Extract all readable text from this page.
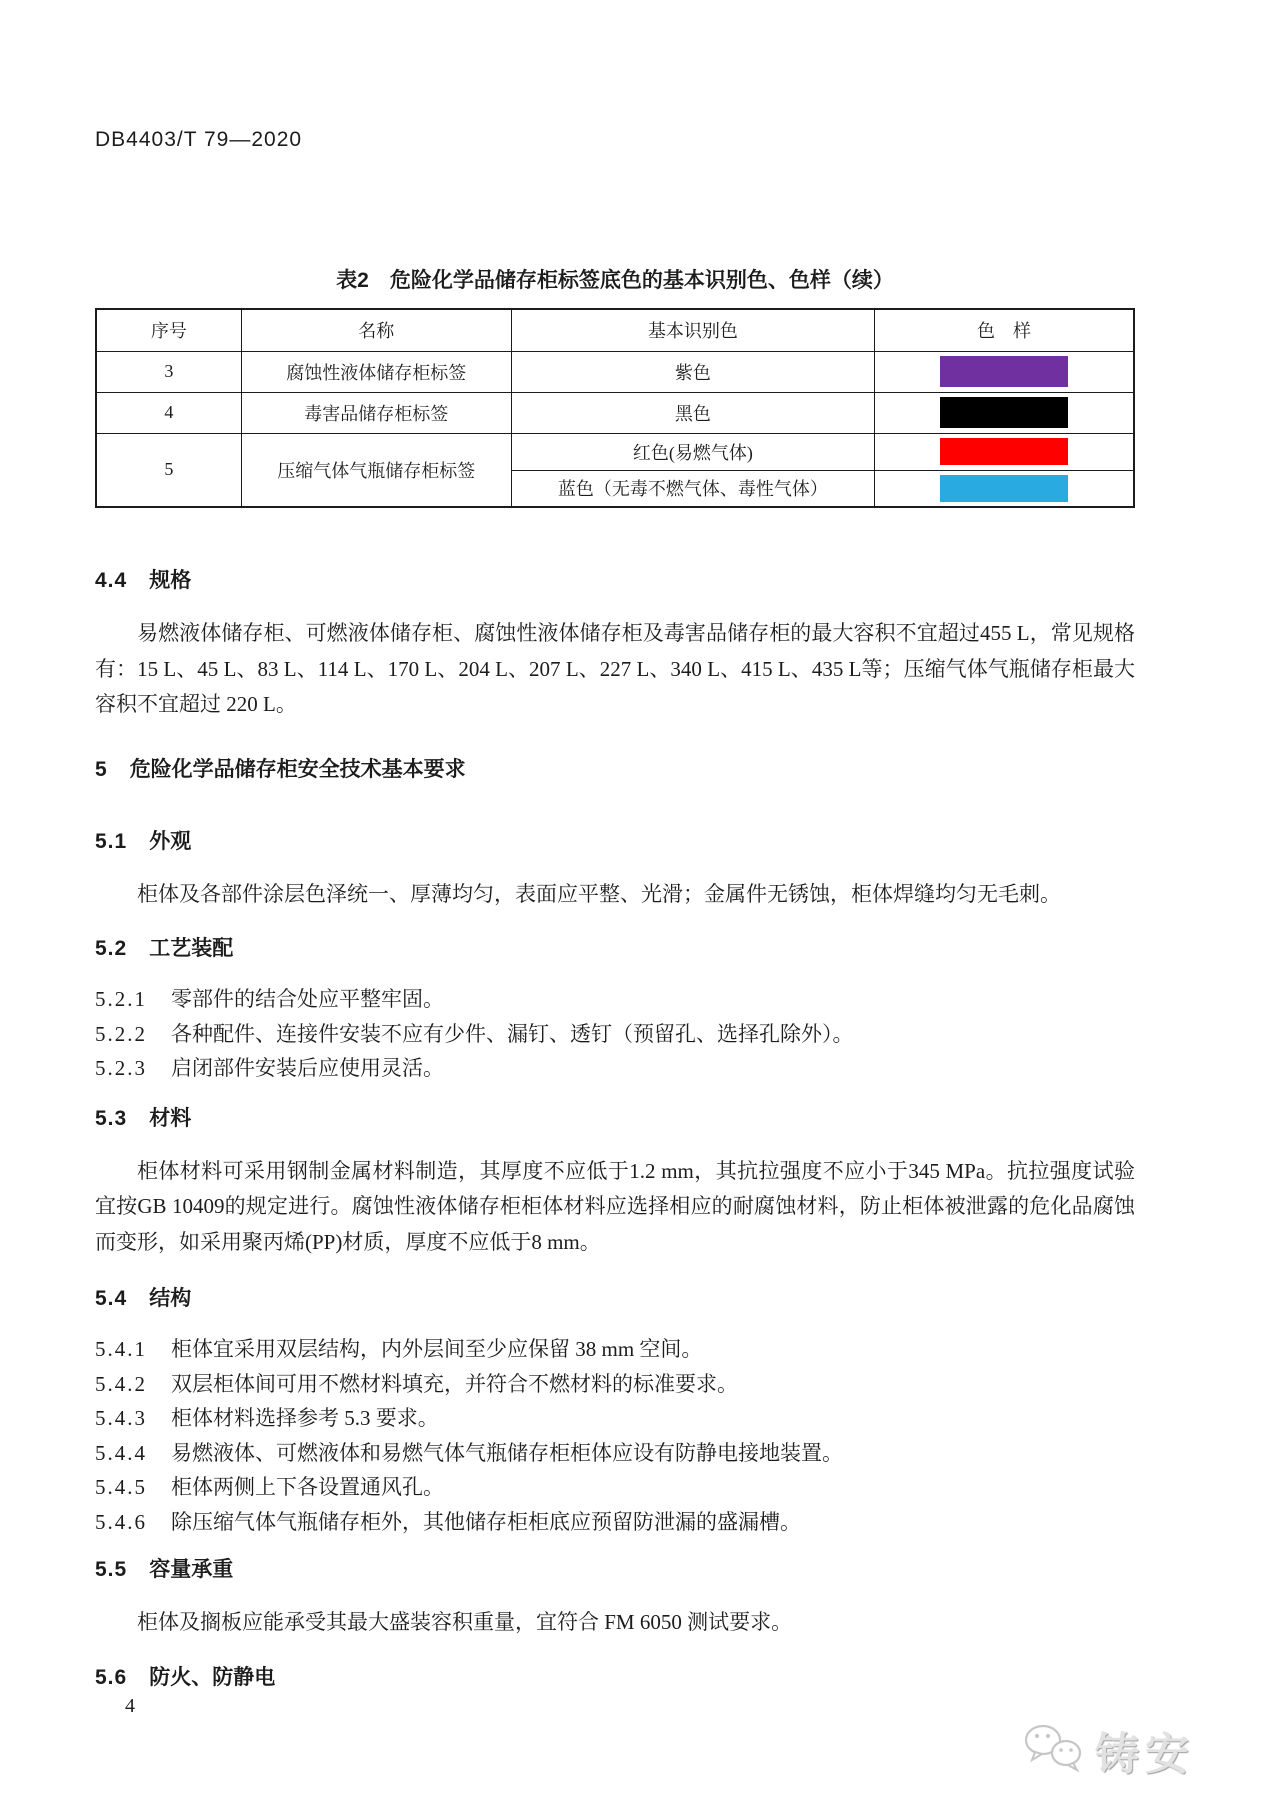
DB4403/T 79—2020
表2　危险化学品储存柜标签底色的基本识别色、色样（续）
序号	名称	基本识别色	色　样
3	腐蚀性液体储存柜标签	紫色	

4	毒害品储存柜标签	黑色	

5	压缩气体气瓶储存柜标签	红色(易燃气体)	

		蓝色（无毒不燃气体、毒性气体）	
4.4 规格

易燃液体储存柜、可燃液体储存柜、腐蚀性液体储存柜及毒害品储存柜的最大容积不宜超过455 L，常见规格有：15 L、45 L、83 L、114 L、170 L、204 L、207 L、227 L、340 L、415 L、435 L等；压缩气体气瓶储存柜最大容积不宜超过 220 L。

5 危险化学品储存柜安全技术基本要求
5.1 外观

柜体及各部件涂层色泽统一、厚薄均匀，表面应平整、光滑；金属件无锈蚀，柜体焊缝均匀无毛刺。

5.2 工艺装配
5.2.1 零部件的结合处应平整牢固。
5.2.2 各种配件、连接件安装不应有少件、漏钉、透钉（预留孔、选择孔除外）。
5.2.3 启闭部件安装后应使用灵活。
5.3 材料

柜体材料可采用钢制金属材料制造，其厚度不应低于1.2 mm，其抗拉强度不应小于345 MPa。抗拉强度试验宜按GB 10409的规定进行。腐蚀性液体储存柜柜体材料应选择相应的耐腐蚀材料，防止柜体被泄露的危化品腐蚀而变形，如采用聚丙烯(PP)材质，厚度不应低于8 mm。

5.4 结构
5.4.1 柜体宜采用双层结构，内外层间至少应保留 38 mm 空间。
5.4.2 双层柜体间可用不燃材料填充，并符合不燃材料的标准要求。
5.4.3 柜体材料选择参考 5.3 要求。
5.4.4 易燃液体、可燃液体和易燃气体气瓶储存柜柜体应设有防静电接地装置。
5.4.5 柜体两侧上下各设置通风孔。
5.4.6 除压缩气体气瓶储存柜外，其他储存柜柜底应预留防泄漏的盛漏槽。
5.5 容量承重

柜体及搁板应能承受其最大盛装容积重量，宜符合 FM 6050 测试要求。

5.6 防火、防静电
4
铸安
